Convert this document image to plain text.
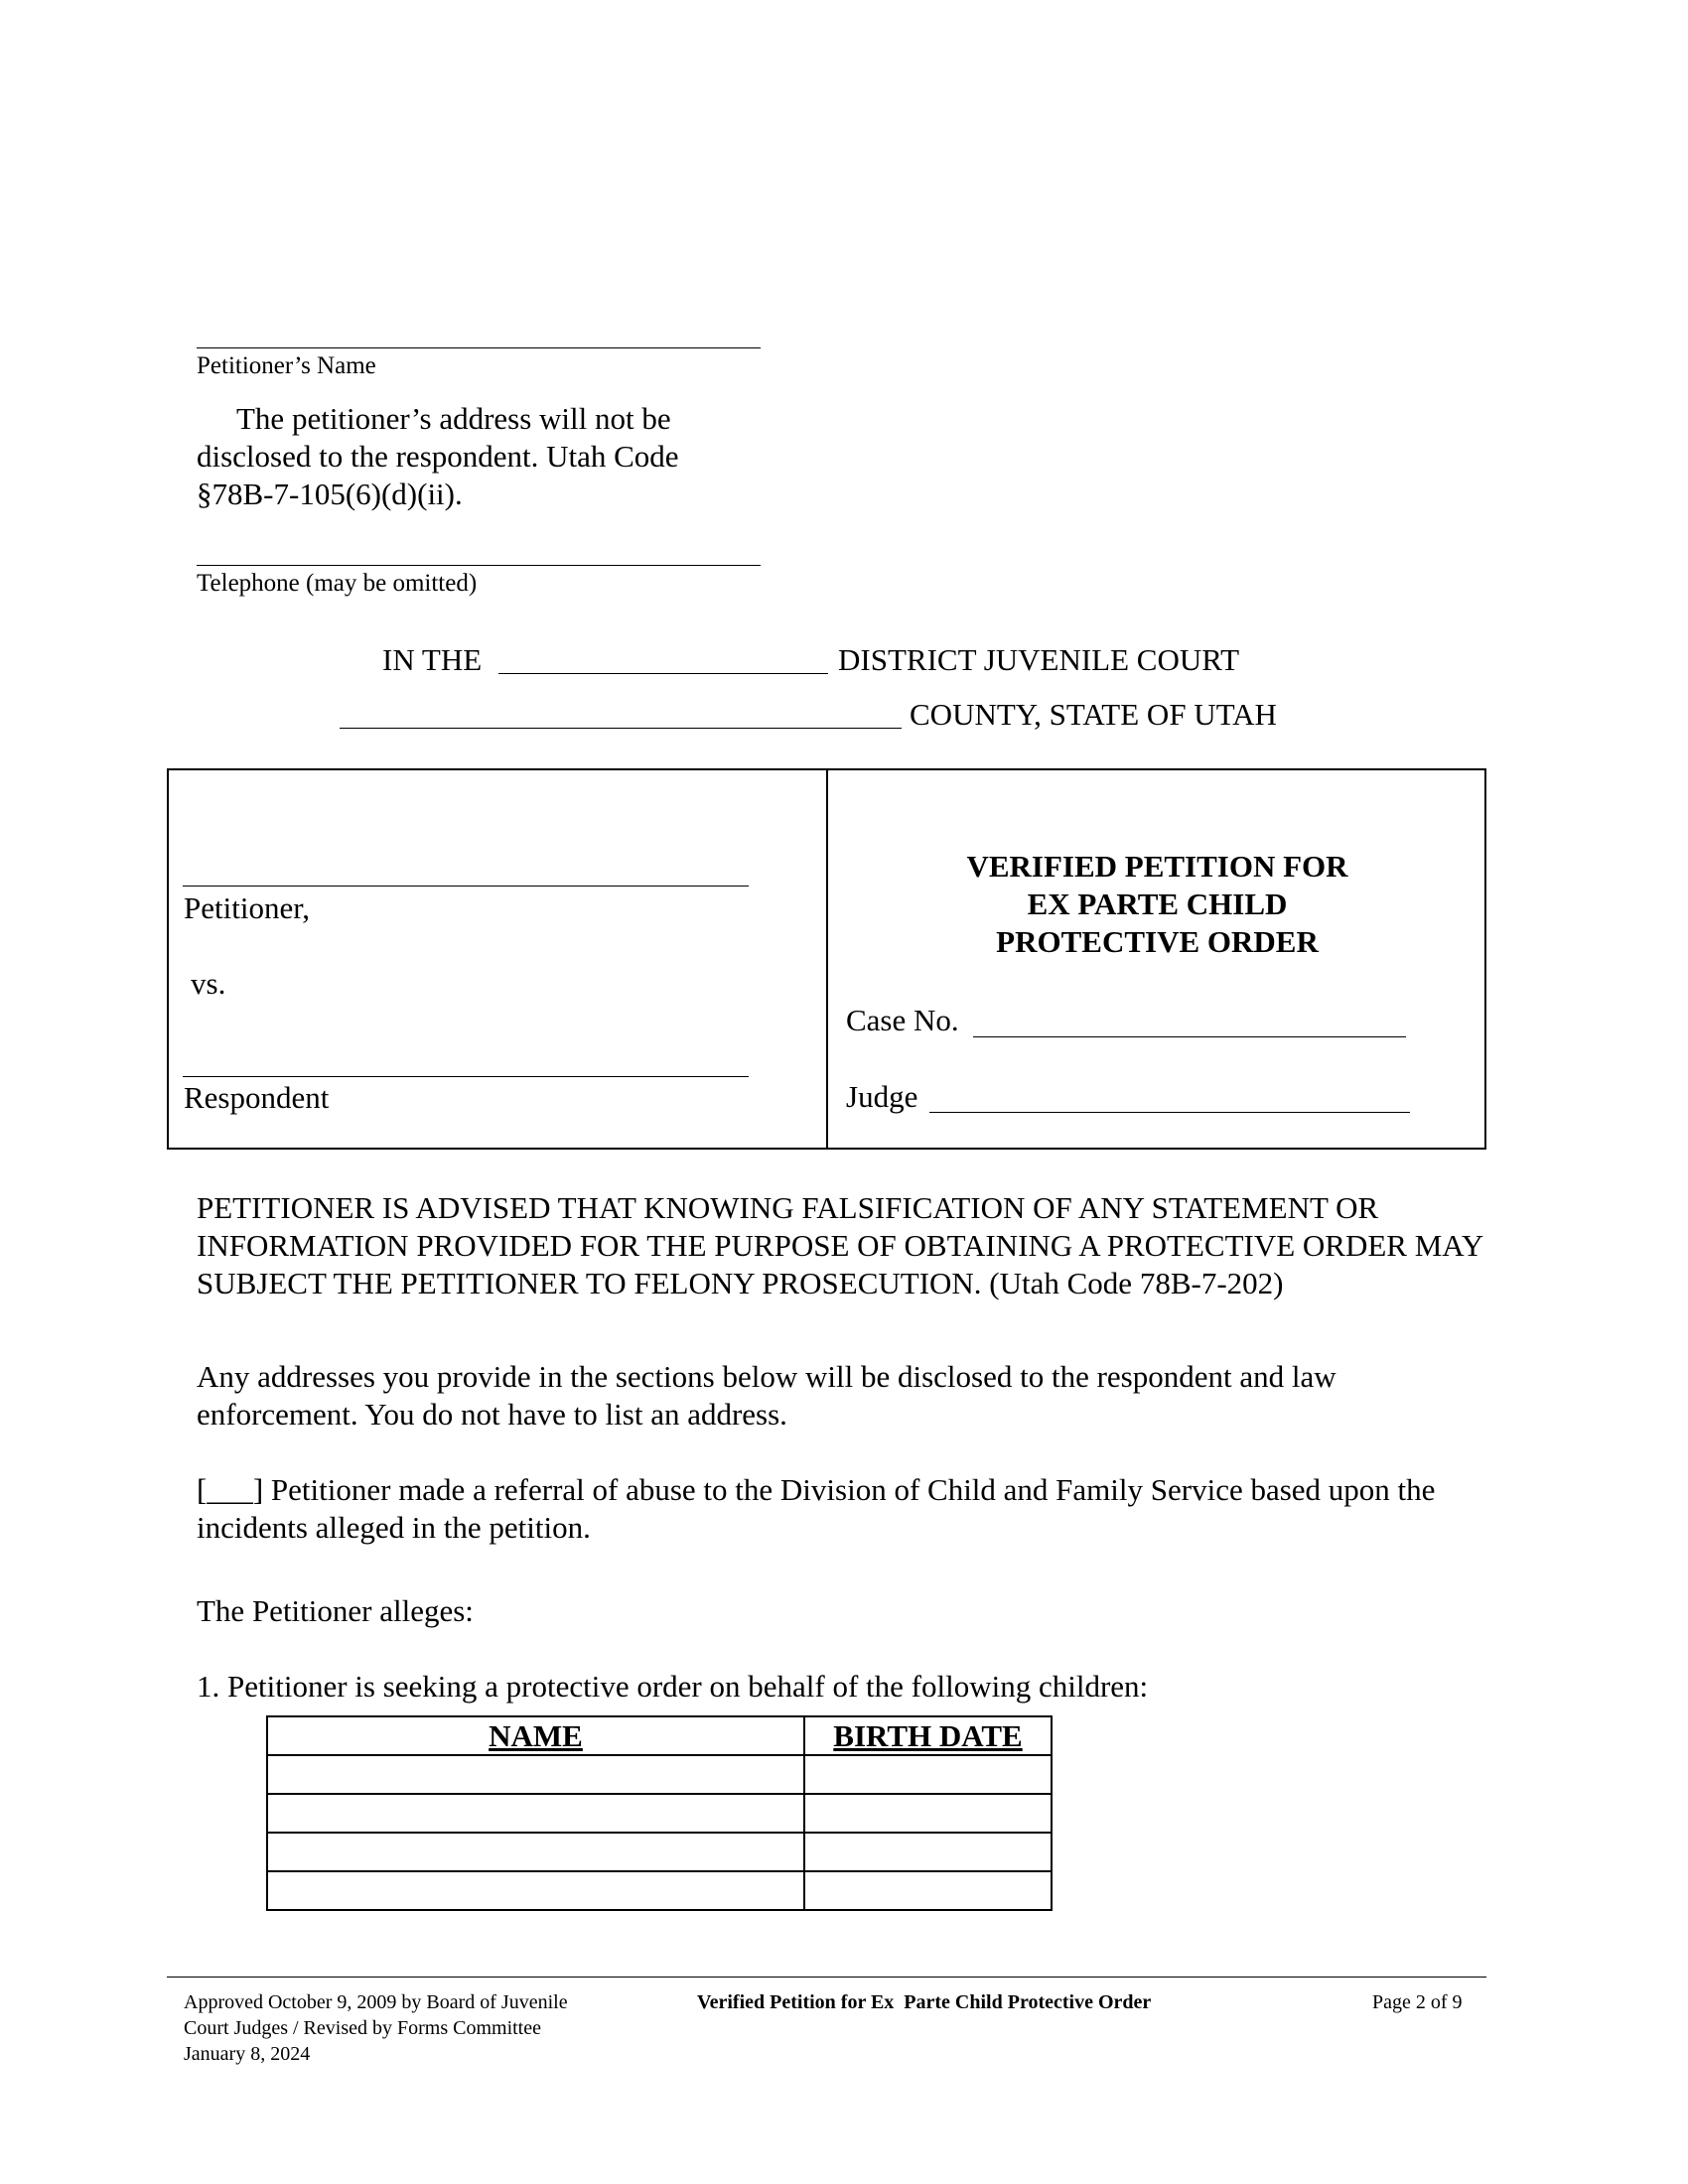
Petitioner’s Name
The petitioner’s address will not be disclosed to the respondent. Utah Code §78B-7-105(6)(d)(ii).
Telephone (may be omitted)
IN THE	DISTRICT JUVENILE COURT
COUNTY, STATE OF UTAH
Petitioner,
vs.
Respondent
VERIFIED PETITION FOR
EX PARTE CHILD
PROTECTIVE ORDER
Case No.
Judge
PETITIONER IS ADVISED THAT KNOWING FALSIFICATION OF ANY STATEMENT OR INFORMATION PROVIDED FOR THE PURPOSE OF OBTAINING A PROTECTIVE ORDER MAY SUBJECT THE PETITIONER TO FELONY PROSECUTION. (Utah Code 78B-7-202)
Any addresses you provide in the sections below will be disclosed to the respondent and law enforcement. You do not have to list an address.
[___] Petitioner made a referral of abuse to the Division of Child and Family Service based upon the incidents alleged in the petition.
The Petitioner alleges:
1. Petitioner is seeking a protective order on behalf of the following children:
NAME	BIRTH DATE

Approved October 9, 2009 by Board of Juvenile
Court Judges / Revised by Forms Committee
January 8, 2024
Verified Petition for Ex  Parte Child Protective Order	Page 2 of 9
